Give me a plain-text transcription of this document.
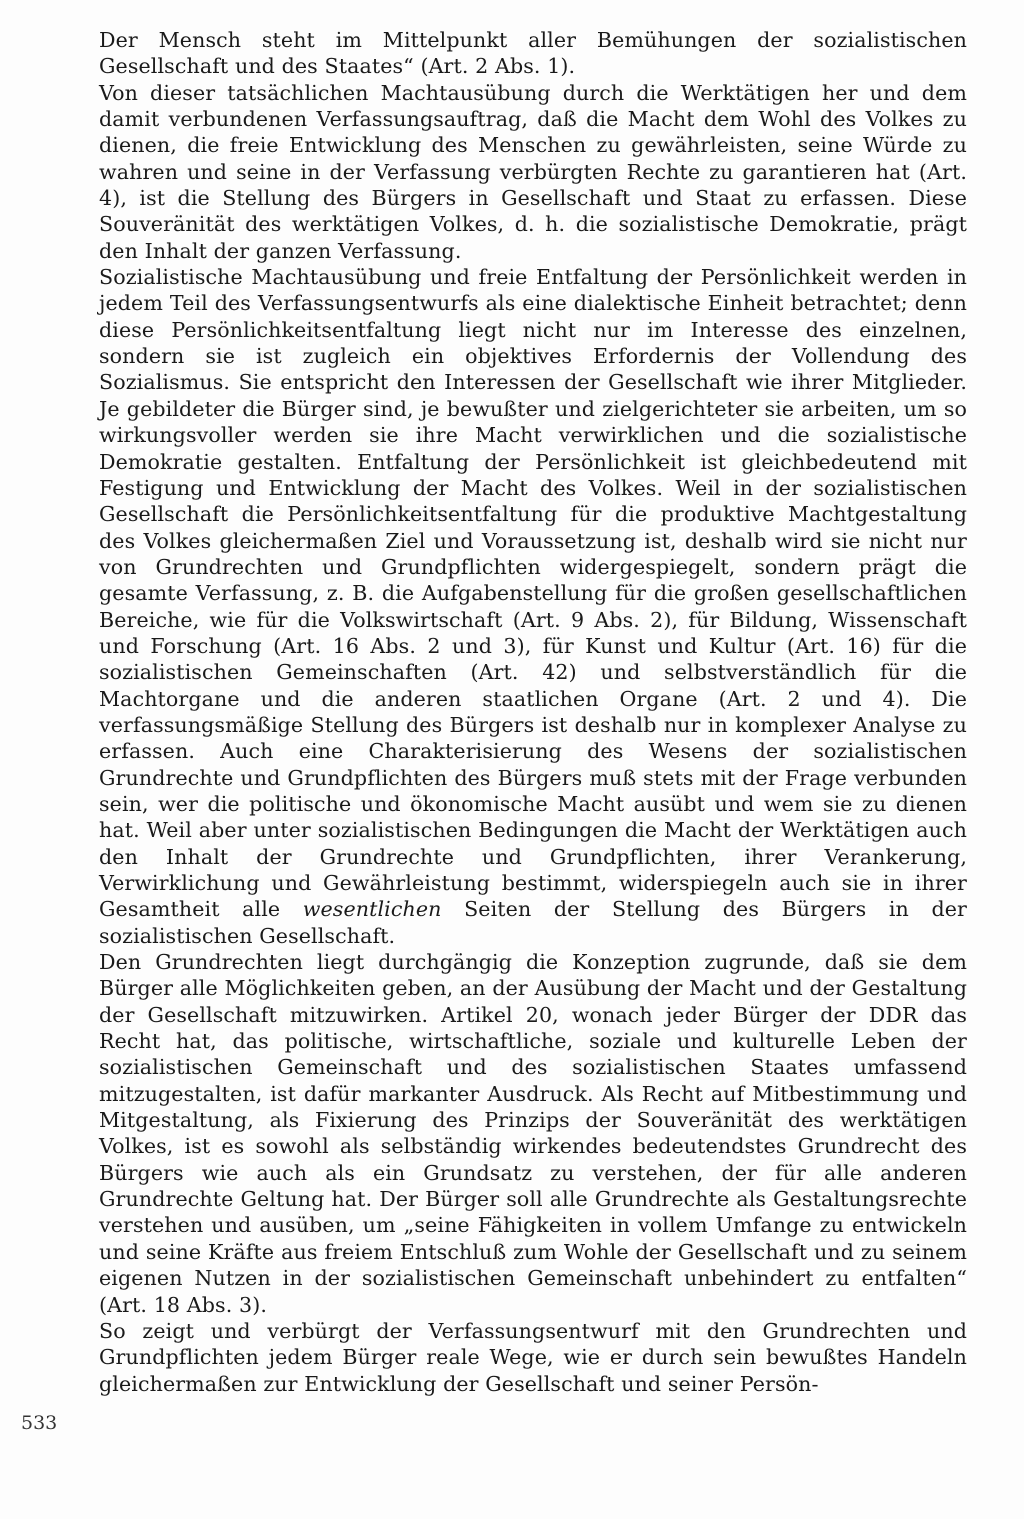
Der Mensch steht im Mittelpunkt aller Bemühungen der sozialistischen Gesellschaft und des Staates“ (Art. 2 Abs. 1).

Von dieser tatsächlichen Machtausübung durch die Werktätigen her und dem damit verbundenen Verfassungsauftrag, daß die Macht dem Wohl des Volkes zu dienen, die freie Entwicklung des Menschen zu gewährleisten, seine Würde zu wahren und seine in der Verfassung verbürgten Rechte zu garantieren hat (Art. 4), ist die Stellung des Bürgers in Gesellschaft und Staat zu erfassen. Diese Souveränität des werktätigen Volkes, d. h. die sozialistische Demokratie, prägt den Inhalt der ganzen Verfassung.

Sozialistische Machtausübung und freie Entfaltung der Persönlichkeit werden in jedem Teil des Verfassungsentwurfs als eine dialektische Einheit betrachtet; denn diese Persönlichkeitsentfaltung liegt nicht nur im Interesse des einzelnen, sondern sie ist zugleich ein objektives Erfordernis der Vollendung des Sozialismus. Sie entspricht den Interessen der Gesellschaft wie ihrer Mitglieder. Je gebildeter die Bürger sind, je bewußter und zielgerichteter sie arbeiten, um so wirkungsvoller werden sie ihre Macht verwirklichen und die sozialistische Demokratie gestalten. Entfaltung der Persönlichkeit ist gleichbedeutend mit Festigung und Entwicklung der Macht des Volkes. Weil in der sozialistischen Gesellschaft die Persönlichkeitsentfaltung für die produktive Machtgestaltung des Volkes gleichermaßen Ziel und Voraussetzung ist, deshalb wird sie nicht nur von Grundrechten und Grundpflichten widergespiegelt, sondern prägt die gesamte Verfassung, z. B. die Aufgabenstellung für die großen gesellschaftlichen Bereiche, wie für die Volkswirtschaft (Art. 9 Abs. 2), für Bildung, Wissenschaft und Forschung (Art. 16 Abs. 2 und 3), für Kunst und Kultur (Art. 16) für die sozialistischen Gemeinschaften (Art. 42) und selbstverständlich für die Machtorgane und die anderen staatlichen Organe (Art. 2 und 4). Die verfassungsmäßige Stellung des Bürgers ist deshalb nur in komplexer Analyse zu erfassen. Auch eine Charakterisierung des Wesens der sozialistischen Grundrechte und Grundpflichten des Bürgers muß stets mit der Frage verbunden sein, wer die politische und ökonomische Macht ausübt und wem sie zu dienen hat. Weil aber unter sozialistischen Bedingungen die Macht der Werktätigen auch den Inhalt der Grundrechte und Grundpflichten, ihrer Verankerung, Verwirklichung und Gewährleistung bestimmt, widerspiegeln auch sie in ihrer Gesamtheit alle wesentlichen Seiten der Stellung des Bürgers in der sozialistischen Gesellschaft.

Den Grundrechten liegt durchgängig die Konzeption zugrunde, daß sie dem Bürger alle Möglichkeiten geben, an der Ausübung der Macht und der Gestaltung der Gesellschaft mitzuwirken. Artikel 20, wonach jeder Bürger der DDR das Recht hat, das politische, wirtschaftliche, soziale und kulturelle Leben der sozialistischen Gemeinschaft und des sozialistischen Staates umfassend mitzugestalten, ist dafür markanter Ausdruck. Als Recht auf Mitbestimmung und Mitgestaltung, als Fixierung des Prinzips der Souveränität des werktätigen Volkes, ist es sowohl als selbständig wirkendes bedeutendstes Grundrecht des Bürgers wie auch als ein Grundsatz zu verstehen, der für alle anderen Grundrechte Geltung hat. Der Bürger soll alle Grundrechte als Gestaltungsrechte verstehen und ausüben, um „seine Fähigkeiten in vollem Umfange zu entwickeln und seine Kräfte aus freiem Entschluß zum Wohle der Gesellschaft und zu seinem eigenen Nutzen in der sozialistischen Gemeinschaft unbehindert zu entfalten“ (Art. 18 Abs. 3).

So zeigt und verbürgt der Verfassungsentwurf mit den Grundrechten und Grundpflichten jedem Bürger reale Wege, wie er durch sein bewußtes Handeln gleichermaßen zur Entwicklung der Gesellschaft und seiner Persön-

533
